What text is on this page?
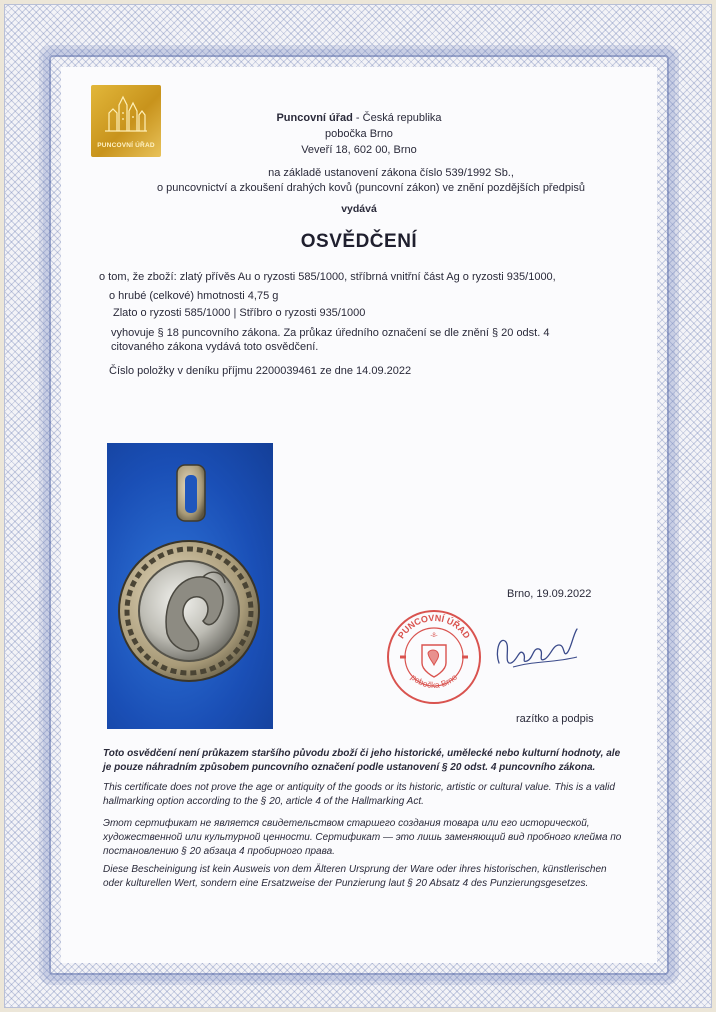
PUNCOVNÍ ÚŘAD
Puncovní úřad - Česká republika
pobočka Brno
Veveří 18, 602 00, Brno
na základě ustanovení zákona číslo 539/1992 Sb.,
o puncovnictví a zkoušení drahých kovů (puncovní zákon) ve znění pozdějších předpisů
vydává
OSVĚDČENÍ
o tom, že zboží: zlatý přívěs Au o ryzosti 585/1000, stříbrná vnitřní část Ag o ryzosti 935/1000,
o hrubé (celkové) hmotnosti 4,75 g
Zlato o ryzosti 585/1000 | Stříbro o ryzosti 935/1000
vyhovuje § 18 puncovního zákona. Za průkaz úředního označení se dle znění § 20 odst. 4
citovaného zákona vydává toto osvědčení.
Číslo položky v deníku příjmu 2200039461 ze dne 14.09.2022
Brno, 19.09.2022
PUNCOVNÍ ÚŘAD
pobočka Brno
-8-
razítko a podpis
Toto osvědčení není průkazem staršího původu zboží či jeho historické, umělecké nebo kulturní hodnoty, ale je pouze náhradním způsobem puncovního označení podle ustanovení § 20 odst. 4 puncovního zákona.
This certificate does not prove the age or antiquity of the goods or its historic, artistic or cultural value. This is a valid hallmarking option according to the § 20, article 4 of the Hallmarking Act.
Этот сертификат не является свидетельством старшего создания товара или его исторической, художественной или культурной ценности. Сертификат — это лишь заменяющий вид пробного клейма по постановлению § 20 абзаца 4 пробирного права.
Diese Bescheinigung ist kein Ausweis von dem Älteren Ursprung der Ware oder ihres historischen, künstlerischen oder kulturellen Wert, sondern eine Ersatzweise der Punzierung laut § 20 Absatz 4 des Punzierungsgesetzes.
